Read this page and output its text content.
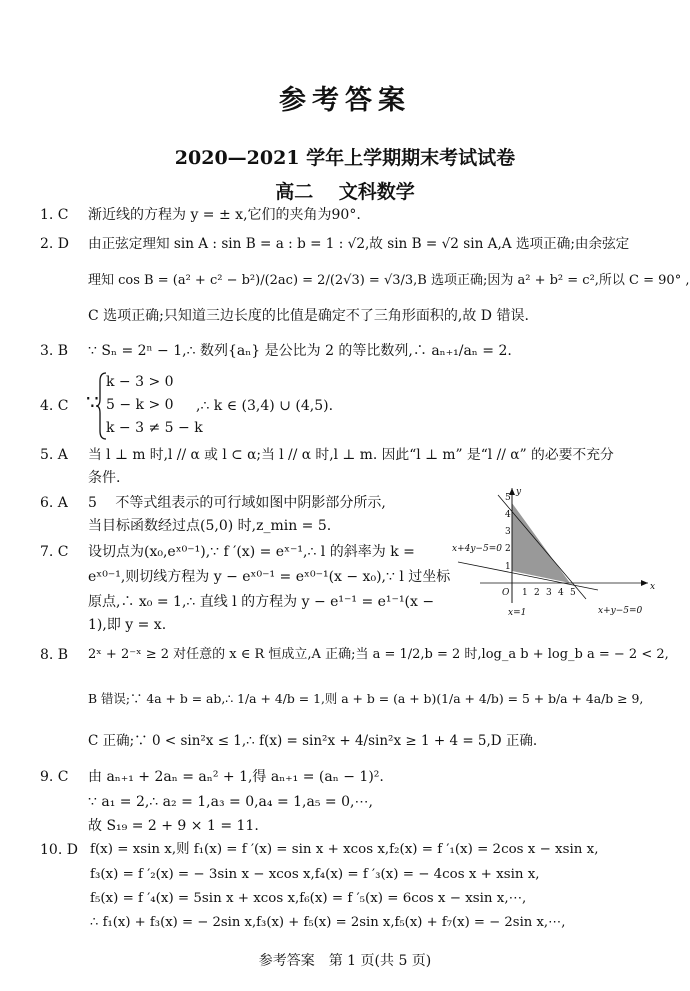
参考答案
2020—2021 学年上学期期末考试试卷
高二　 文科数学
1. C 渐近线的方程为 y = ± x,它们的夹角为90°.
2. D 由正弦定理知 sin A : sin B = a : b = 1 : √2,故 sin B = √2 sin A,A 选项正确;由余弦定
理知 cos B = (a² + c² − b²)/(2ac) = 2/(2√3) = √3/3,B 选项正确;因为 a² + b² = c²,所以 C = 90° ,
C 选项正确;只知道三边长度的比值是确定不了三角形面积的,故 D 错误.
3. B ∵ Sₙ = 2ⁿ − 1,∴ 数列{aₙ} 是公比为 2 的等比数列,∴ aₙ₊₁/aₙ = 2.
4. C ∵
k − 3 > 0
5 − k > 0
k − 3 ≠ 5 − k
,∴ k ∈ (3,4) ∪ (4,5).
5. A 当 l ⊥ m 时,l // α 或 l ⊂ α;当 l // α 时,l ⊥ m. 因此“l ⊥ m” 是“l // α” 的必要不充分
条件.
6. A 5　 不等式组表示的可行域如图中阴影部分所示,
当目标函数经过点(5,0) 时,z_min = 5.
7. C 设切点为(x₀,eˣ⁰⁻¹),∵ f ′(x) = eˣ⁻¹,∴ l 的斜率为 k =
eˣ⁰⁻¹,则切线方程为 y − eˣ⁰⁻¹ = eˣ⁰⁻¹(x − x₀),∵ l 过坐标
原点,∴ x₀ = 1,∴ 直线 l 的方程为 y − e¹⁻¹ = e¹⁻¹(x −
1),即 y = x.
x
y
O 1 2 3 4 5
1
2
3
4
5
x+4y−5=0
x+y−5=0
x=1
8. B 2ˣ + 2⁻ˣ ≥ 2 对任意的 x ∈ R 恒成立,A 正确;当 a = 1/2,b = 2 时,log_a b + log_b a = − 2 < 2,
B 错误;∵ 4a + b = ab,∴ 1/a + 4/b = 1,则 a + b = (a + b)(1/a + 4/b) = 5 + b/a + 4a/b ≥ 9,
C 正确;∵ 0 < sin²x ≤ 1,∴ f(x) = sin²x + 4/sin²x ≥ 1 + 4 = 5,D 正确.
9. C 由 aₙ₊₁ + 2aₙ = aₙ² + 1,得 aₙ₊₁ = (aₙ − 1)².
∵ a₁ = 2,∴ a₂ = 1,a₃ = 0,a₄ = 1,a₅ = 0,⋯,
故 S₁₉ = 2 + 9 × 1 = 11.
10. D f(x) = xsin x,则 f₁(x) = f ′(x) = sin x + xcos x,f₂(x) = f ′₁(x) = 2cos x − xsin x,
f₃(x) = f ′₂(x) = − 3sin x − xcos x,f₄(x) = f ′₃(x) = − 4cos x + xsin x,
f₅(x) = f ′₄(x) = 5sin x + xcos x,f₆(x) = f ′₅(x) = 6cos x − xsin x,⋯,
∴ f₁(x) + f₃(x) = − 2sin x,f₃(x) + f₅(x) = 2sin x,f₅(x) + f₇(x) = − 2sin x,⋯,
参考答案　第 1 页(共 5 页)
